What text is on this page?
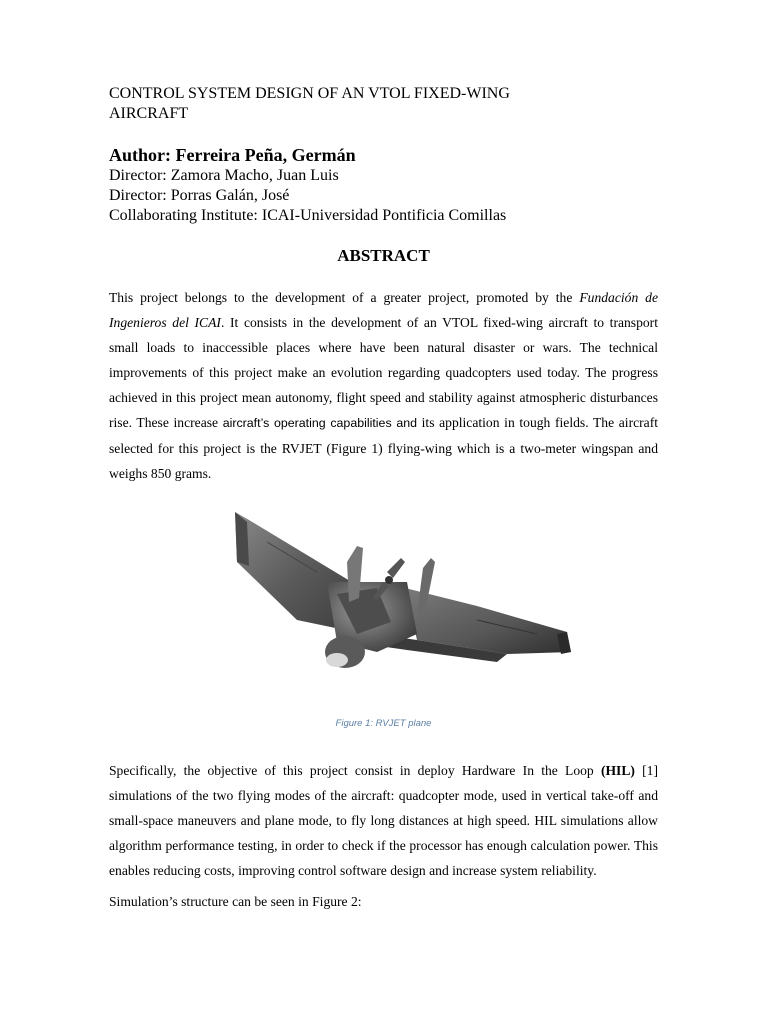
CONTROL SYSTEM DESIGN OF AN VTOL FIXED-WING
AIRCRAFT

Author: Ferreira Peña, Germán
Director: Zamora Macho, Juan Luis
Director: Porras Galán, José
Collaborating Institute: ICAI-Universidad Pontificia Comillas
ABSTRACT

This project belongs to the development of a greater project, promoted by the Fundación de Ingenieros del ICAI. It consists in the development of an VTOL fixed-wing aircraft to transport small loads to inaccessible places where have been natural disaster or wars. The technical improvements of this project make an evolution regarding quadcopters used today. The progress achieved in this project mean autonomy, flight speed and stability against atmospheric disturbances rise. These increase aircraft’s operating capabilities and its application in tough fields. The aircraft selected for this project is the RVJET (Figure 1) flying-wing which is a two-meter wingspan and weighs 850 grams.

Figure 1: RVJET plane

Specifically, the objective of this project consist in deploy Hardware In the Loop (HIL) [1] simulations of the two flying modes of the aircraft: quadcopter mode, used in vertical take-off and small-space maneuvers and plane mode, to fly long distances at high speed. HIL simulations allow algorithm performance testing, in order to check if the processor has enough calculation power. This enables reducing costs, improving control software design and increase system reliability.

Simulation’s structure can be seen in Figure 2:
